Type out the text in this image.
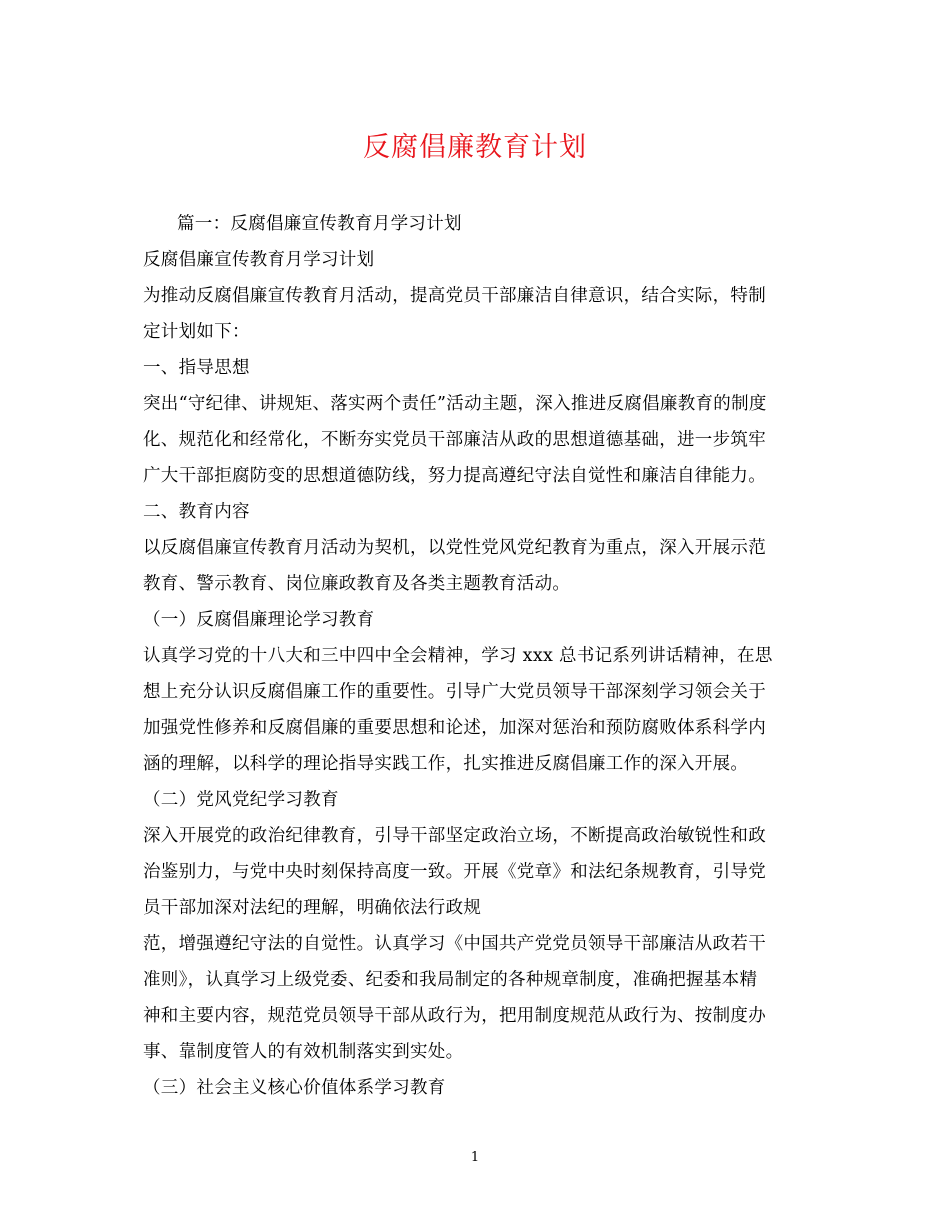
反腐倡廉教育计划
篇一：反腐倡廉宣传教育月学习计划
反腐倡廉宣传教育月学习计划
为推动反腐倡廉宣传教育月活动，提高党员干部廉洁自律意识，结合实际，特制
定计划如下：
一、指导思想
突出“守纪律、讲规矩、落实两个责任”活动主题，深入推进反腐倡廉教育的制度
化、规范化和经常化，不断夯实党员干部廉洁从政的思想道德基础，进一步筑牢
广大干部拒腐防变的思想道德防线，努力提高遵纪守法自觉性和廉洁自律能力。
二、教育内容
以反腐倡廉宣传教育月活动为契机，以党性党风党纪教育为重点，深入开展示范
教育、警示教育、岗位廉政教育及各类主题教育活动。
（一）反腐倡廉理论学习教育
认真学习党的十八大和三中四中全会精神，学习 xxx 总书记系列讲话精神，在思
想上充分认识反腐倡廉工作的重要性。引导广大党员领导干部深刻学习领会关于
加强党性修养和反腐倡廉的重要思想和论述，加深对惩治和预防腐败体系科学内
涵的理解，以科学的理论指导实践工作，扎实推进反腐倡廉工作的深入开展。
（二）党风党纪学习教育
深入开展党的政治纪律教育，引导干部坚定政治立场，不断提高政治敏锐性和政
治鉴别力，与党中央时刻保持高度一致。开展《党章》和法纪条规教育，引导党
员干部加深对法纪的理解，明确依法行政规
范，增强遵纪守法的自觉性。认真学习《中国共产党党员领导干部廉洁从政若干
准则》，认真学习上级党委、纪委和我局制定的各种规章制度，准确把握基本精
神和主要内容，规范党员领导干部从政行为，把用制度规范从政行为、按制度办
事、靠制度管人的有效机制落实到实处。
（三）社会主义核心价值体系学习教育
1
